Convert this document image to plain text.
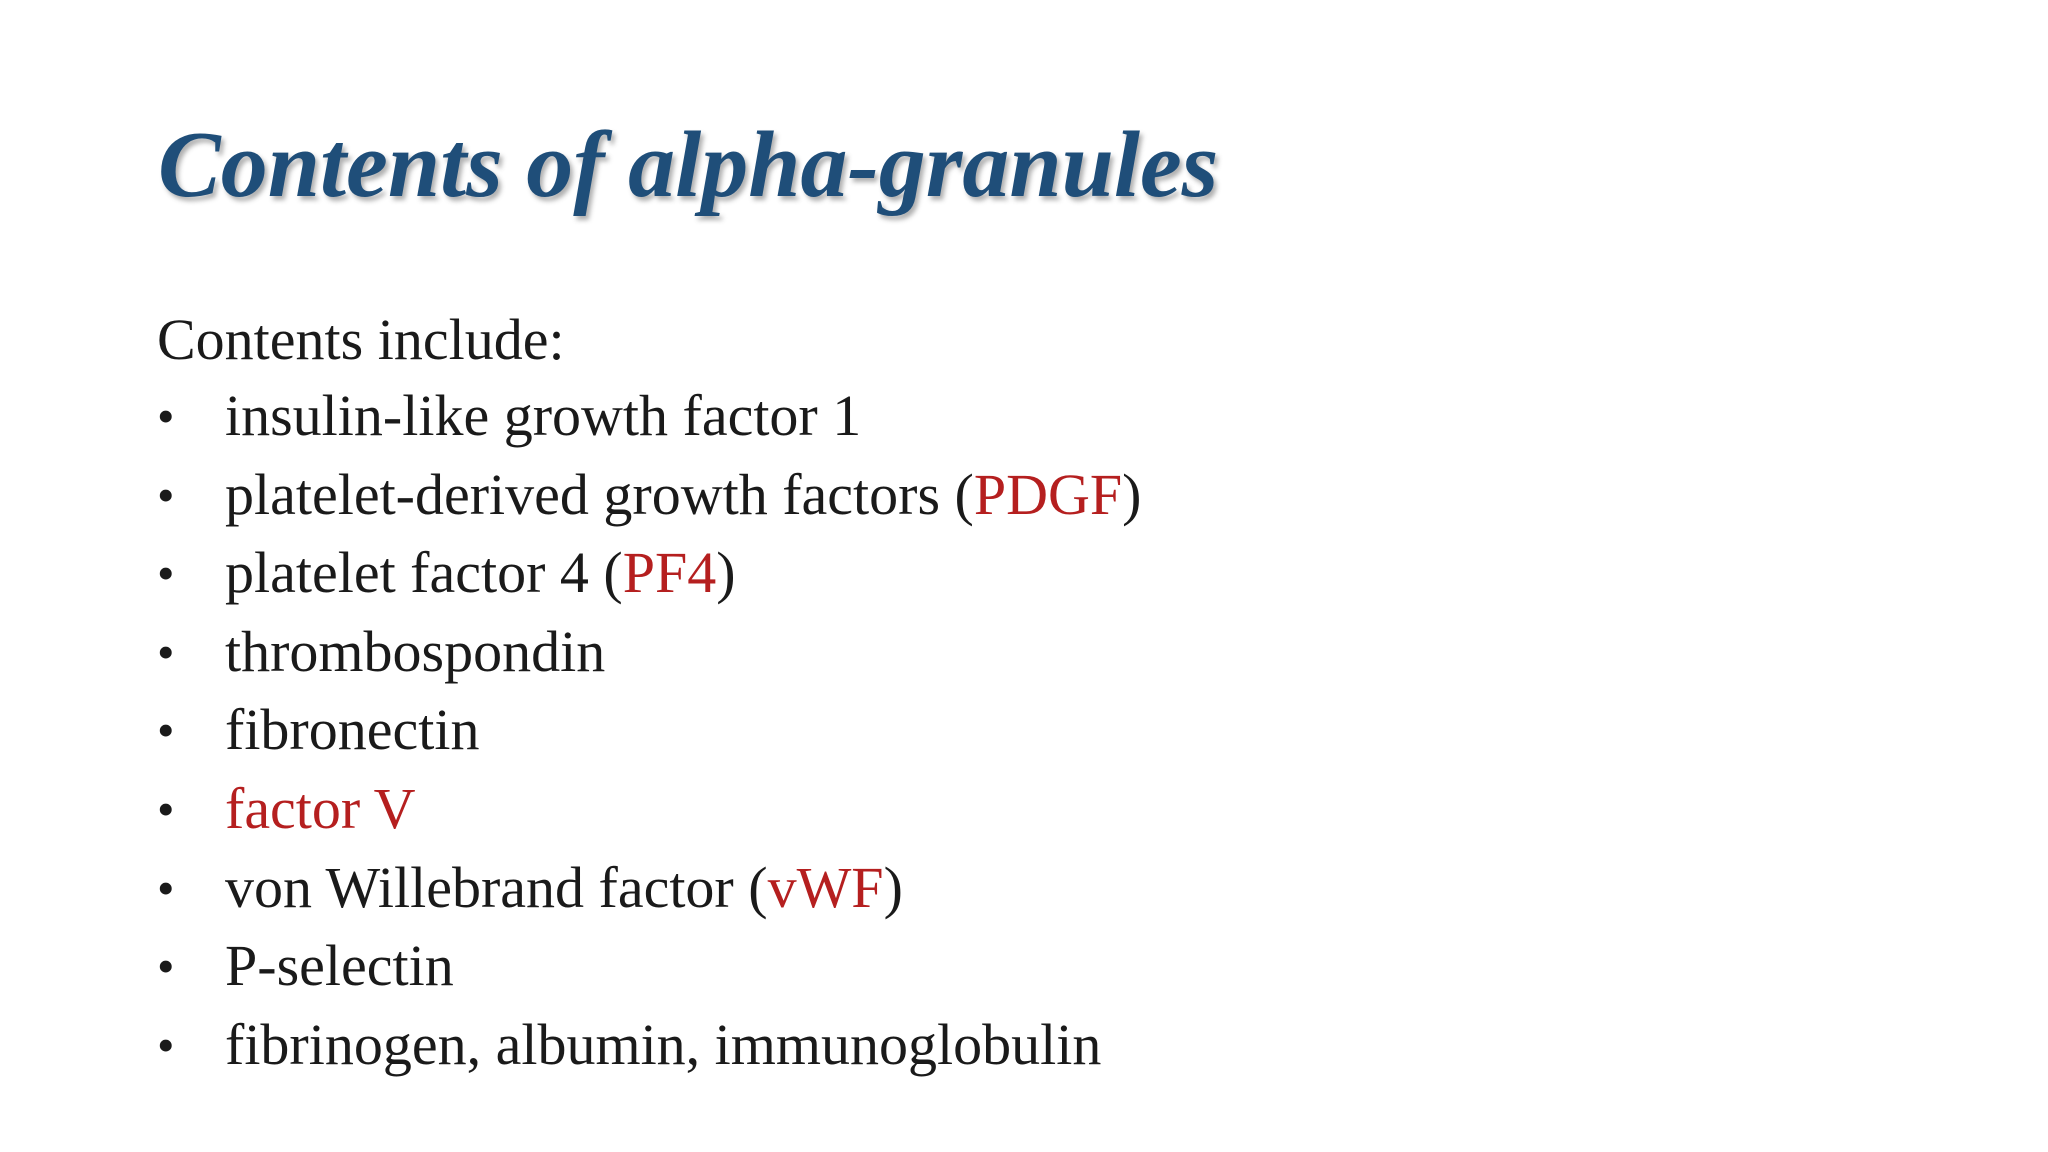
Contents of alpha-granules
Contents include:
• insulin-like growth factor 1
• platelet-derived growth factors (PDGF)
• platelet factor 4 (PF4)
• thrombospondin
• fibronectin
• factor V
• von Willebrand factor (vWF)
• P-selectin
• fibrinogen, albumin, immunoglobulin
